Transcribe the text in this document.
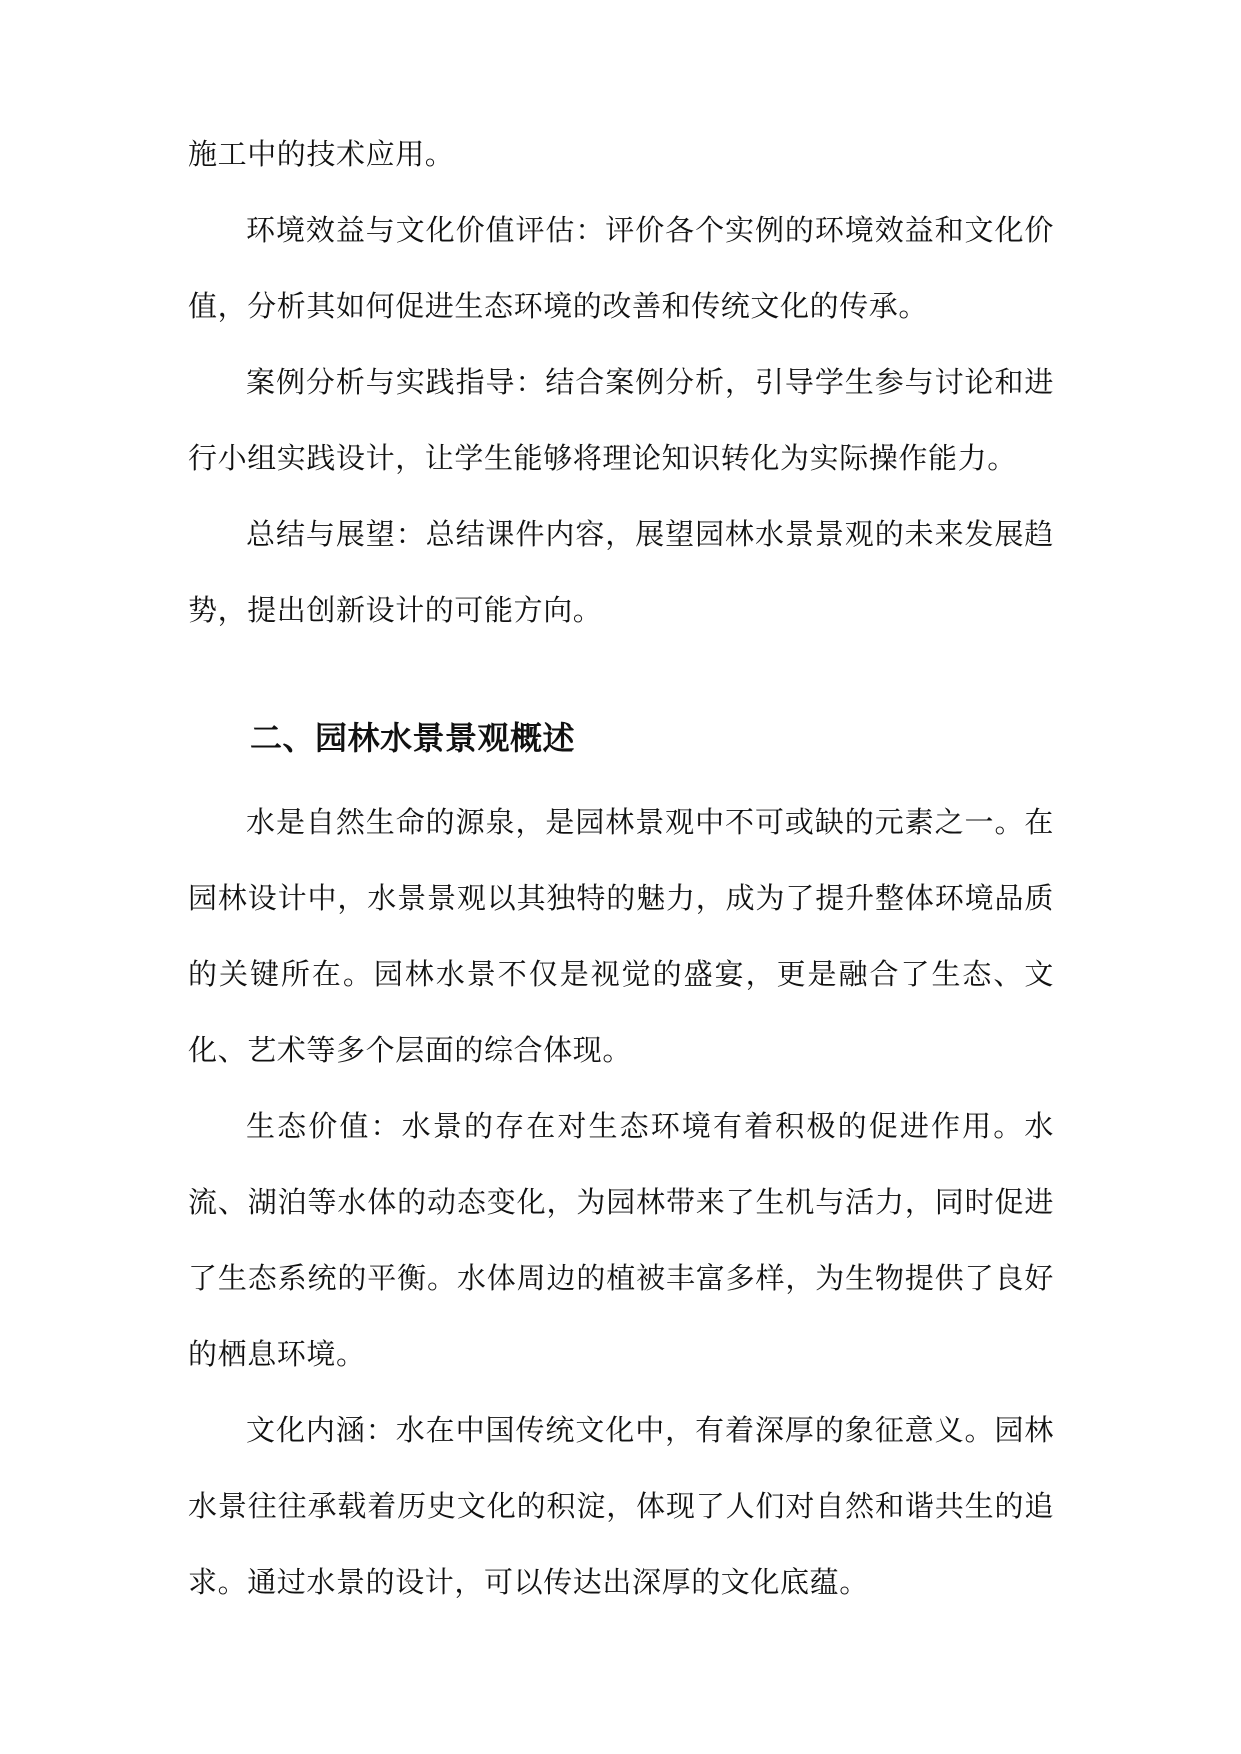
施工中的技术应用。

环境效益与文化价值评估：评价各个实例的环境效益和文化价值，分析其如何促进生态环境的改善和传统文化的传承。

案例分析与实践指导：结合案例分析，引导学生参与讨论和进行小组实践设计，让学生能够将理论知识转化为实际操作能力。

总结与展望：总结课件内容，展望园林水景景观的未来发展趋势，提出创新设计的可能方向。

二、园林水景景观概述

水是自然生命的源泉，是园林景观中不可或缺的元素之一。在园林设计中，水景景观以其独特的魅力，成为了提升整体环境品质的关键所在。园林水景不仅是视觉的盛宴，更是融合了生态、文化、艺术等多个层面的综合体现。

生态价值：水景的存在对生态环境有着积极的促进作用。水流、湖泊等水体的动态变化，为园林带来了生机与活力，同时促进了生态系统的平衡。水体周边的植被丰富多样，为生物提供了良好的栖息环境。

文化内涵：水在中国传统文化中，有着深厚的象征意义。园林水景往往承载着历史文化的积淀，体现了人们对自然和谐共生的追求。通过水景的设计，可以传达出深厚的文化底蕴。
